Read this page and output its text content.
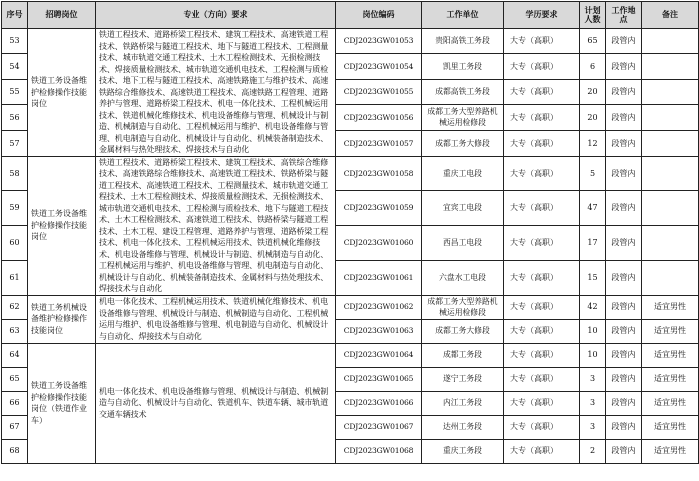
序号	招聘岗位	专业（方向）要求	岗位编码	工作单位	学历要求	计划人数	工作地点	备注
53	铁道工务设备维护检修操作技能岗位	铁道工程技术、道路桥梁工程技术、建筑工程技术、高速铁道工程技术、铁路桥梁与隧道工程技术、地下与隧道工程技术、工程测量技术、城市轨道交通工程技术、土木工程检测技术、无损检测技术、焊接质量检测技术、城市轨道交通机电技术、工程检测与质检技术、地下工程与隧道工程技术、高速铁路施工与维护技术、高速铁路综合维修技术、高速铁道工程技术、高速铁路工程管理、道路养护与管理、道路桥梁工程技术、机电一体化技术、工程机械运用技术、铁道机械化维修技术、机电设备维修与管理、机械设计与制造、机械制造与自动化、工程机械运用与维护、机电设备维修与管理、机电制造与自动化、机械设计与自动化、机械装备制造技术、金属材料与热处理技术、焊接技术与自动化	CDJ2023GW01053	贵阳高铁工务段	大专（高职）	65	段管内	
54			CDJ2023GW01054	凯里工务段	大专（高职）	6	段管内	
55			CDJ2023GW01055	成都高铁工务段	大专（高职）	20	段管内	
56			CDJ2023GW01056	成都工务大型养路机械运用检修段	大专（高职）	20	段管内	
57			CDJ2023GW01057	成都工务大修段	大专（高职）	12	段管内	
58	铁道工务设备维护检修操作技能岗位	铁道工程技术、道路桥梁工程技术、建筑工程技术、高铁综合维修技术、高速铁路综合维修技术、高速铁道工程技术、铁路桥梁与隧道工程技术、高速铁道工程技术、工程测量技术、城市轨道交通工程技术、土木工程检测技术、焊接质量检测技术、无损检测技术、城市轨道交通机电技术、工程检测与质检技术、地下与隧道工程技术、土木工程检测技术、高速铁道工程技术、铁路桥梁与隧道工程技术、土木工程、建设工程管理、道路养护与管理、道路桥梁工程技术、机电一体化技术、工程机械运用技术、铁道机械化维修技术、机电设备维修与管理、机械设计与制造、机械制造与自动化、工程机械运用与维护、机电设备维修与管理、机电制造与自动化、机械设计与自动化、机械装备制造技术、金属材料与热处理技术、焊接技术与自动化	CDJ2023GW01058	重庆工电段	大专（高职）	5	段管内	
59			CDJ2023GW01059	宜宾工电段	大专（高职）	47	段管内	
60			CDJ2023GW01060	西昌工电段	大专（高职）	17	段管内	
61			CDJ2023GW01061	六盘水工电段	大专（高职）	15	段管内	
62	铁道工务机械设备维护检修操作技能岗位	机电一体化技术、工程机械运用技术、铁道机械化维修技术、机电设备维修与管理、机械设计与制造、机械制造与自动化、工程机械运用与维护、机电设备维修与管理、机电制造与自动化、机械设计与自动化、焊接技术与自动化	CDJ2023GW01062	成都工务大型养路机械运用检修段	大专（高职）	42	段管内	适宜男性
63			CDJ2023GW01063	成都工务大修段	大专（高职）	10	段管内	适宜男性
64	铁道工务设备维护检修操作技能岗位（铁道作业车）	机电一体化技术、机电设备维修与管理、机械设计与制造、机械制造与自动化、机械设计与自动化、铁道机车、铁道车辆、城市轨道交通车辆技术	CDJ2023GW01064	成都工务段	大专（高职）	10	段管内	适宜男性
65			CDJ2023GW01065	遂宁工务段	大专（高职）	3	段管内	适宜男性
66			CDJ2023GW01066	内江工务段	大专（高职）	3	段管内	适宜男性
67			CDJ2023GW01067	达州工务段	大专（高职）	3	段管内	适宜男性
68			CDJ2023GW01068	重庆工务段	大专（高职）	2	段管内	适宜男性
